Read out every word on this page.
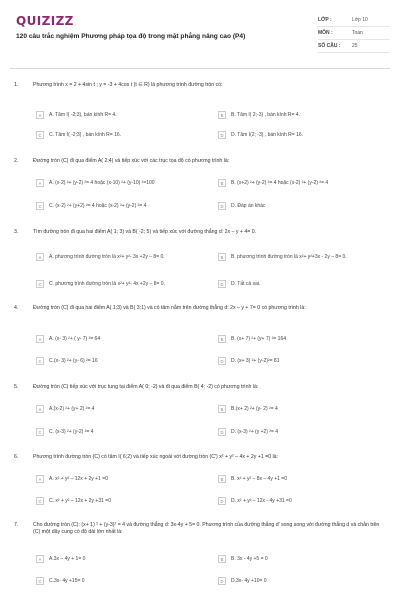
QUIZIZZ
120 câu trắc nghiệm Phương pháp tọa độ trong mặt phẳng nâng cao (P4)
LỚP :	Lớp 10
MÔN :	Toán
SỐ CÂU :	25
1.	Phương trình x = 2 + 4sin t ; y = -3 + 4cos t (t ∈ R) là phương trình đường tròn có:
A	A. Tâm I( -2;3), bán kính R= 4.	B	B. Tâm I( 2;-3) , bán kính R= 4.
C	C. Tâm I( -2;3) , bán kính R= 16.	D	D. Tâm I(2; -3) , bán kính R= 16.
2.	Đường tròn (C) đi qua điểm A( 2;4) và tiếp xúc với các trục tọa độ có phương trình là:
A	A. (x-2) ²+ (y-2) ²= 4 hoặc (x-10) ²+ (y-10) ²=100	B	B. (x+2) ²+ (y-2) ²= 4 hoặc (x-2) ²+ (y-2) ²= 4
C	C. (x-2) ²+ (y+2) ²= 4 hoặc (x-2) ²+ (y-2) ²= 4	D	D. Đáp án khác
3.	Tìm đường tròn đi qua hai điểm A( 1; 3) và B( -2; 5) và tiếp xúc với đường thẳng d: 2x – y + 4= 0.
A	A. phương trình đường tròn là x²+ y²- 3x +2y – 8= 0.	B	B. phương trình đường tròn là x²+ y²+3x - 2y – 8= 0.
C	C. phương trình đường tròn là x²+ y²- 4x +2y – 8= 0.	D	D. Tất cả sai.
4.	Đường tròn (C) đi qua hai điểm A( 1;3) và B( 3;1) và có tâm nằm trên đường thẳng d: 2x – y + 7= 0 có phương trình là:
A	A. (x- 3) ²+ ( y- 7) ²= 64	B	B. (x+ 7) ²+ (y+ 7) ²= 164
C	C.(x- 3) ²+ (y- 6) ²= 16	D	D. (x+ 3) ²+ (y-2)²= 81
5.	Đường tròn (C) tiếp xúc với trục tung tại điểm A( 0; -2) và đi qua điểm B( 4; -2) có phương trình là:
A	A.(x-2) ²+ (y+ 2) ²= 4	B	B.(x+ 2) ²+ (y- 2) ²= 4
C	C. (x-3) ²+ (y-2) ²= 4	D	D. (x-3) ²+ (y +2) ²= 4
6.	Phương trình đường tròn (C) có tâm I( 6;2) và tiếp xúc ngoài với đường tròn (C') x² + y² – 4x + 2y +1 =0 là:
A	A. x² + y² – 12x + 2y +1 =0	B	B. x² + y² – 8x – 4y +1 =0
C	C. x² + y² – 12x + 2y +31 =0	D	D. x² + y² – 12x - 4y +31 =0
7.	Cho đường tròn (C): (x+ 1) ² + (y-3)² = 4 và đường thẳng d: 3x-4y + 5= 0. Phương trình của đường thẳng d' song song với đường thẳng d và chắn trên (C) một dây cung có độ dài lớn nhất là:
A	A.3x – 4y + 1= 0	B	B. 3x - 4y +5 = 0
C	C.3x- 4y +15= 0	D	D.3x- 4y +10= 0
